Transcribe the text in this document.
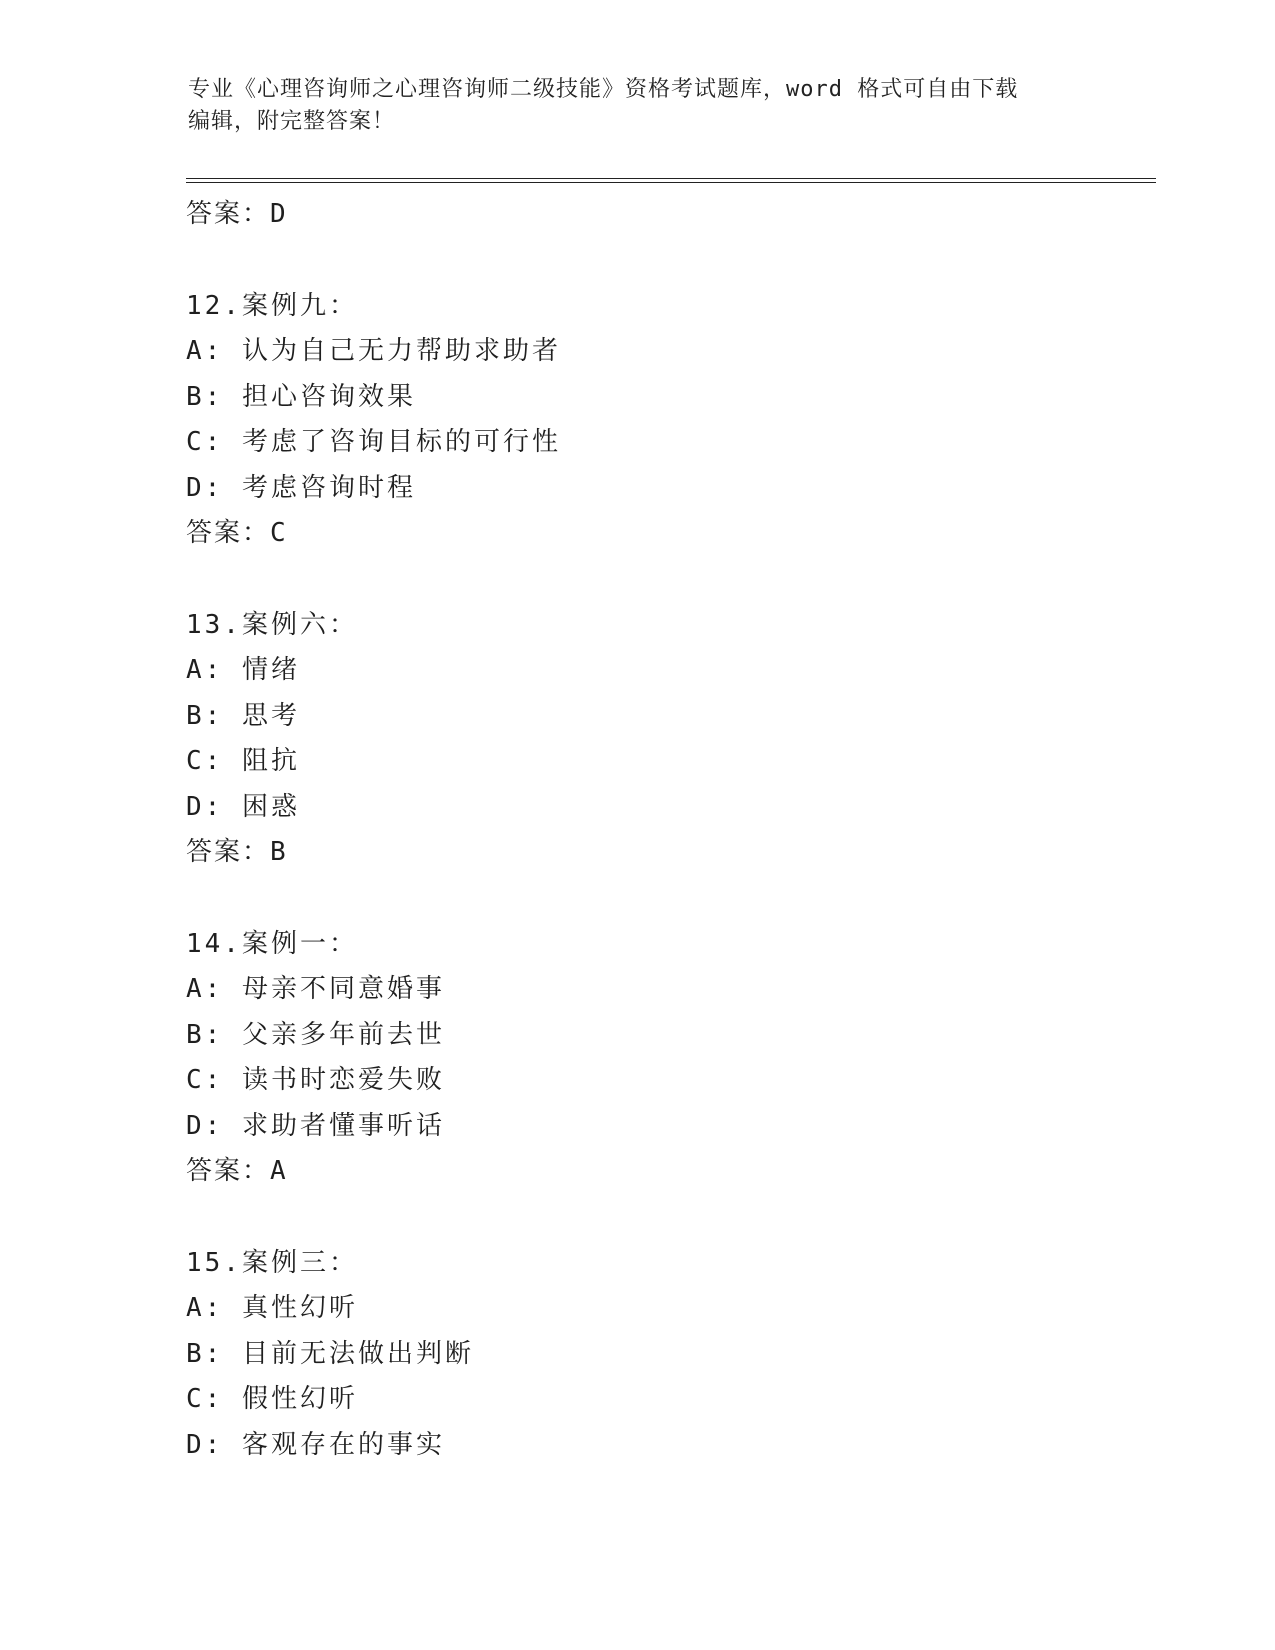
专业《心理咨询师之心理咨询师二级技能》资格考试题库，word 格式可自由下载
编辑，附完整答案！
答案：D
12.案例九：
A: 认为自己无力帮助求助者
B: 担心咨询效果
C: 考虑了咨询目标的可行性
D: 考虑咨询时程
答案：C
13.案例六：
A: 情绪
B: 思考
C: 阻抗
D: 困惑
答案：B
14.案例一：
A: 母亲不同意婚事
B: 父亲多年前去世
C: 读书时恋爱失败
D: 求助者懂事听话
答案：A
15.案例三：
A: 真性幻听
B: 目前无法做出判断
C: 假性幻听
D: 客观存在的事实
